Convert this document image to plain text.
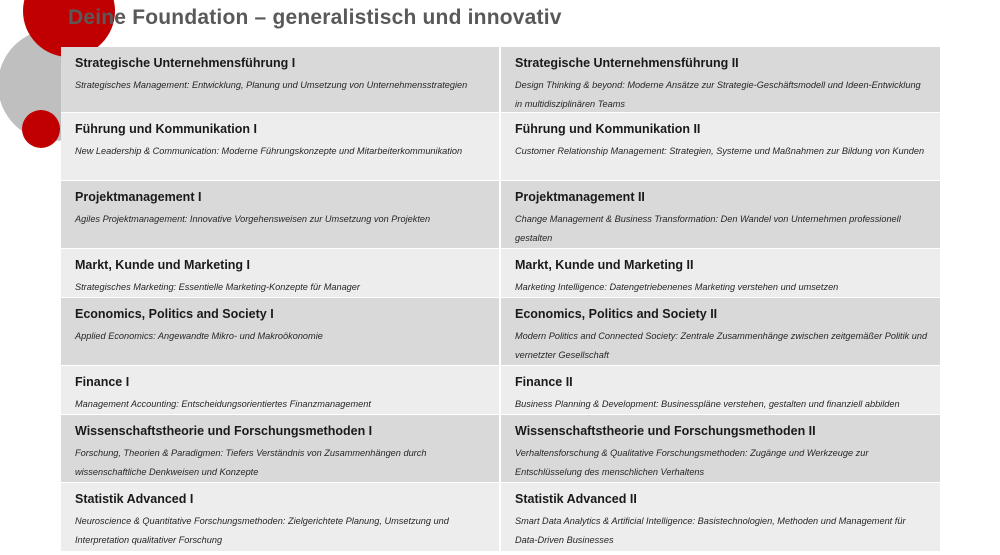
Deine Foundation – generalistisch und innovativ

Strategische Unternehmensführung I

Strategisches Management: Entwicklung, Planung und Umsetzung von Unternehmensstrategien

Strategische Unternehmensführung II

Design Thinking & beyond: Moderne Ansätze zur Strategie-Geschäftsmodell und Ideen-Entwicklung in multidisziplinären Teams

Führung und Kommunikation I

New Leadership & Communication: Moderne Führungskonzepte und Mitarbeiterkommunikation

Führung und Kommunikation II

Customer Relationship Management: Strategien, Systeme und Maßnahmen zur Bildung von Kunden

Projektmanagement I

Agiles Projektmanagement: Innovative Vorgehensweisen zur Umsetzung von Projekten

Projektmanagement II

Change Management & Business Transformation: Den Wandel von Unternehmen professionell gestalten

Markt, Kunde und Marketing I

Strategisches Marketing: Essentielle Marketing-Konzepte für Manager

Markt, Kunde und Marketing II

Marketing Intelligence: Datengetriebenenes Marketing verstehen und umsetzen

Economics, Politics and Society I

Applied Economics: Angewandte Mikro- und Makroökonomie

Economics, Politics and Society II

Modern Politics and Connected Society: Zentrale Zusammenhänge zwischen zeitgemäßer Politik und vernetzter Gesellschaft

Finance I

Management Accounting: Entscheidungsorientiertes Finanzmanagement

Finance II

Business Planning & Development: Businesspläne verstehen, gestalten und finanziell abbilden

Wissenschaftstheorie und Forschungsmethoden I

Forschung, Theorien & Paradigmen: Tiefers Verständnis von Zusammenhängen durch wissenschaftliche Denkweisen und Konzepte

Wissenschaftstheorie und Forschungsmethoden II

Verhaltensforschung & Qualitative Forschungsmethoden: Zugänge und Werkzeuge zur Entschlüsselung des menschlichen Verhaltens

Statistik Advanced I

Neuroscience & Quantitative Forschungsmethoden: Zielgerichtete Planung, Umsetzung und Interpretation qualitativer Forschung

Statistik Advanced II

Smart Data Analytics & Artificial Intelligence: Basistechnologien, Methoden und Management für Data-Driven Businesses
